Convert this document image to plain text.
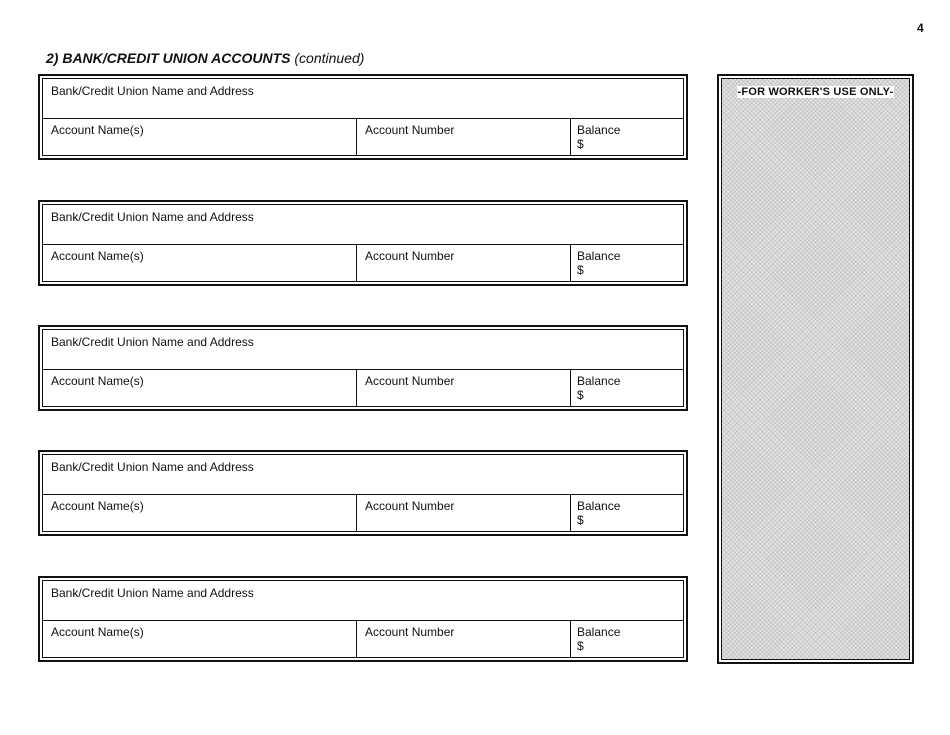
4
2) BANK/CREDIT UNION ACCOUNTS (continued)
Bank/Credit Union Name and Address
Account Name(s)	Account Number	Balance
$
Bank/Credit Union Name and Address
Account Name(s)	Account Number	Balance
$
Bank/Credit Union Name and Address
Account Name(s)	Account Number	Balance
$
Bank/Credit Union Name and Address
Account Name(s)	Account Number	Balance
$
Bank/Credit Union Name and Address
Account Name(s)	Account Number	Balance
$
-FOR WORKER'S USE ONLY-
